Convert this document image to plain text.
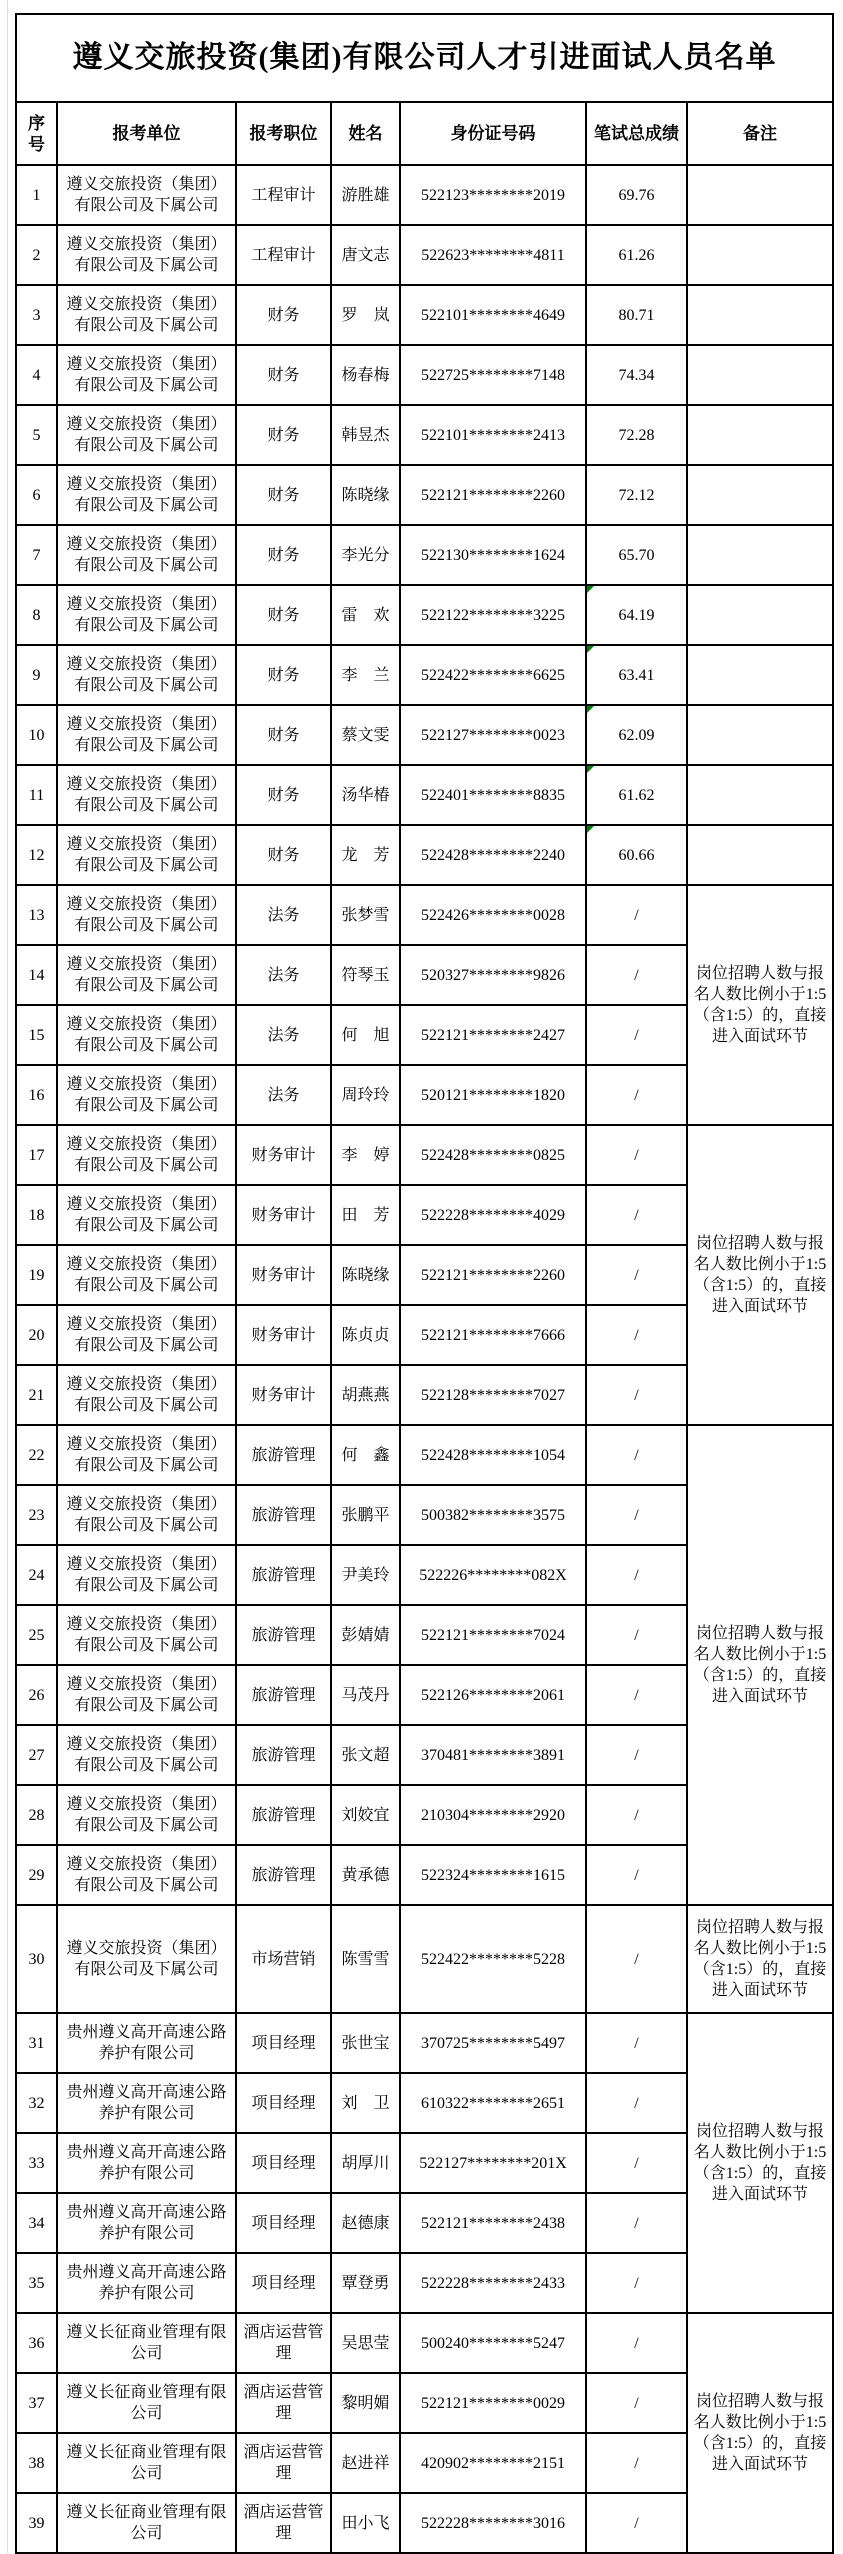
遵义交旅投资(集团)有限公司人才引进面试人员名单						
序号	报考单位	报考职位	姓名	身份证号码	笔试总成绩	备注
1	遵义交旅投资（集团）有限公司及下属公司	工程审计	游胜雄	522123********2019	69.76	
2	遵义交旅投资（集团）有限公司及下属公司	工程审计	唐文志	522623********4811	61.26	
3	遵义交旅投资（集团）有限公司及下属公司	财务	罗　岚	522101********4649	80.71	
4	遵义交旅投资（集团）有限公司及下属公司	财务	杨春梅	522725********7148	74.34	
5	遵义交旅投资（集团）有限公司及下属公司	财务	韩昱杰	522101********2413	72.28	
6	遵义交旅投资（集团）有限公司及下属公司	财务	陈晓缘	522121********2260	72.12	
7	遵义交旅投资（集团）有限公司及下属公司	财务	李光分	522130********1624	65.70	
8	遵义交旅投资（集团）有限公司及下属公司	财务	雷　欢	522122********3225	64.19

9	遵义交旅投资（集团）有限公司及下属公司	财务	李　兰	522422********6625	63.41

10	遵义交旅投资（集团）有限公司及下属公司	财务	蔡文雯	522127********0023	62.09

11	遵义交旅投资（集团）有限公司及下属公司	财务	汤华椿	522401********8835	61.62

12	遵义交旅投资（集团）有限公司及下属公司	财务	龙　芳	522428********2240	60.66

13	遵义交旅投资（集团）有限公司及下属公司	法务	张梦雪	522426********0028	/	岗位招聘人数与报名人数比例小于1:5（含1:5）的，直接进入面试环节
14	遵义交旅投资（集团）有限公司及下属公司	法务	符琴玉	520327********9826	/	
15	遵义交旅投资（集团）有限公司及下属公司	法务	何　旭	522121********2427	/	
16	遵义交旅投资（集团）有限公司及下属公司	法务	周玲玲	520121********1820	/	
17	遵义交旅投资（集团）有限公司及下属公司	财务审计	李　婷	522428********0825	/	岗位招聘人数与报名人数比例小于1:5（含1:5）的，直接进入面试环节
18	遵义交旅投资（集团）有限公司及下属公司	财务审计	田　芳	522228********4029	/	
19	遵义交旅投资（集团）有限公司及下属公司	财务审计	陈晓缘	522121********2260	/	
20	遵义交旅投资（集团）有限公司及下属公司	财务审计	陈贞贞	522121********7666	/	
21	遵义交旅投资（集团）有限公司及下属公司	财务审计	胡燕燕	522128********7027	/	
22	遵义交旅投资（集团）有限公司及下属公司	旅游管理	何　鑫	522428********1054	/	岗位招聘人数与报名人数比例小于1:5（含1:5）的，直接进入面试环节
23	遵义交旅投资（集团）有限公司及下属公司	旅游管理	张鹏平	500382********3575	/	
24	遵义交旅投资（集团）有限公司及下属公司	旅游管理	尹美玲	522226********082X	/	
25	遵义交旅投资（集团）有限公司及下属公司	旅游管理	彭婧婧	522121********7024	/	
26	遵义交旅投资（集团）有限公司及下属公司	旅游管理	马茂丹	522126********2061	/	
27	遵义交旅投资（集团）有限公司及下属公司	旅游管理	张文超	370481********3891	/	
28	遵义交旅投资（集团）有限公司及下属公司	旅游管理	刘姣宜	210304********2920	/	
29	遵义交旅投资（集团）有限公司及下属公司	旅游管理	黄承德	522324********1615	/	
30	遵义交旅投资（集团）有限公司及下属公司	市场营销	陈雪雪	522422********5228	/	岗位招聘人数与报名人数比例小于1:5（含1:5）的，直接进入面试环节
31	贵州遵义高开高速公路养护有限公司	项目经理	张世宝	370725********5497	/	岗位招聘人数与报名人数比例小于1:5（含1:5）的，直接进入面试环节
32	贵州遵义高开高速公路养护有限公司	项目经理	刘　卫	610322********2651	/	
33	贵州遵义高开高速公路养护有限公司	项目经理	胡厚川	522127********201X	/	
34	贵州遵义高开高速公路养护有限公司	项目经理	赵德康	522121********2438	/	
35	贵州遵义高开高速公路养护有限公司	项目经理	覃登勇	522228********2433	/	
36	遵义长征商业管理有限公司	酒店运营管理	吴思莹	500240********5247	/	岗位招聘人数与报名人数比例小于1:5（含1:5）的，直接进入面试环节
37	遵义长征商业管理有限公司	酒店运营管理	黎明媚	522121********0029	/	
38	遵义长征商业管理有限公司	酒店运营管理	赵进祥	420902********2151	/	
39	遵义长征商业管理有限公司	酒店运营管理	田小飞	522228********3016	/	
